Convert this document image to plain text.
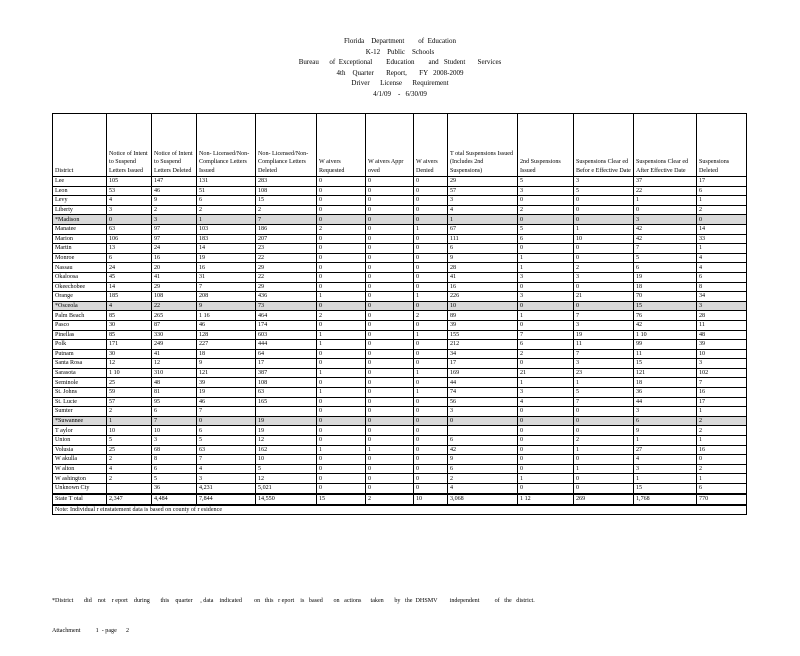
Florida    Department        of  Education
K-12    Public    Schools
Bureau      of  Exceptional        Education        and   Student       Services
4th    Quarter       Report,       FY   2008-2009
Driver      License      Requirement
4/1/09    -   6/30/09
District	Notice of Intent to Suspend Letters Issued	Notice of Intent to Suspend Letters Deleted	Non- Licensed/Non- Compliance Letters Issued	Non- Licensed/Non- Compliance Letters Deleted	W aivers Requested	W aivers Appr oved	W aivers Denied	T otal Suspensions Issued (Includes 2nd Suspensions)	2nd Suspensions Issued	Suspensions Clear ed Befor e Effective Date	Suspensions Clear ed After Effective Date	Suspensions Deleted
Lee	105	147	131	283	0	0	0	29	5	3	37	17
Leon	53	46	51	108	0	0	0	57	3	5	22	6
Levy	4	9	6	15	0	0	0	3	0	0	1	1
Liberty	3	2	2	2	0	0	0	4	2	0	0	2
*Madison	0	3	1	7	0	0	0	1	0	0	3	0
Manatee	63	97	103	186	2	0	1	67	5	1	42	14
Marion	106	97	183	207	0	0	0	111	6	10	42	33
Martin	13	24	14	23	0	0	0	6	0	0	7	1
Monroe	6	16	19	22	0	0	0	9	1	0	5	4
Nassau	24	20	16	29	0	0	0	28	1	2	6	4
Okaloosa	45	41	31	22	0	0	0	41	3	3	19	6
Okeechobee	14	29	7	29	0	0	0	16	0	0	18	8
Orange	185	108	208	436	1	0	1	226	3	21	70	34
*Osceola	4	22	9	73	0	0	0	10	0	0	15	3
Palm Beach	85	265	1 16	464	2	0	2	89	1	7	76	28
Pasco	30	87	46	174	0	0	0	39	0	3	42	11
Pinellas	85	330	128	603	1	0	1	155	7	19	1 10	48
Polk	171	249	227	444	1	0	0	212	6	11	99	39
Putnam	30	41	18	64	0	0	0	34	2	7	11	10
Santa Rosa	12	12	9	17	0	0	0	17	0	3	15	3
Sarasota	1 10	310	121	387	1	0	1	169	21	23	121	102
Seminole	25	48	39	108	0	0	0	44	1	1	18	7
St. Johns	59	81	19	63	1	0	1	74	3	5	36	16
St. Lucie	57	95	46	165	0	0	0	56	4	7	44	17
Sumter	2	6	7		0	0	0	3	0	0	3	1
*Suwannee	1	7	0	19	0	0	0	0	0	0	6	2
T aylor	10	10	6	19	0	0	0		0	0	9	2
Union	5	3	5	12	0	0	0	6	0	2	1	1
Volusia	25	68	63	162	1	1	0	42	0	1	27	16
W akulla	2	8	7	10	0	0	0	9	0	0	4	0
W alton	4	6	4	5	0	0	0	6	0	1	3	2
W ashington	2	5	3	12	0	0	0	2	1	0	1	1
Unknown Cty		36	4,231	5,021	0	0	0	4	0	0	15	6
State T otal	2,347	4,484	7,844	14,550	15	2	10	3,068	1 12	269	1,768	770
Note: Individual r einstatement data is based on county of r esidence												

*District       did    not    r eport    during       this    quarter     , data    indicated        on   this   r eport    is   based       on   actions      taken       by   the  DHSMV        independent          of   the   district.

Attachment          1  - page      2
